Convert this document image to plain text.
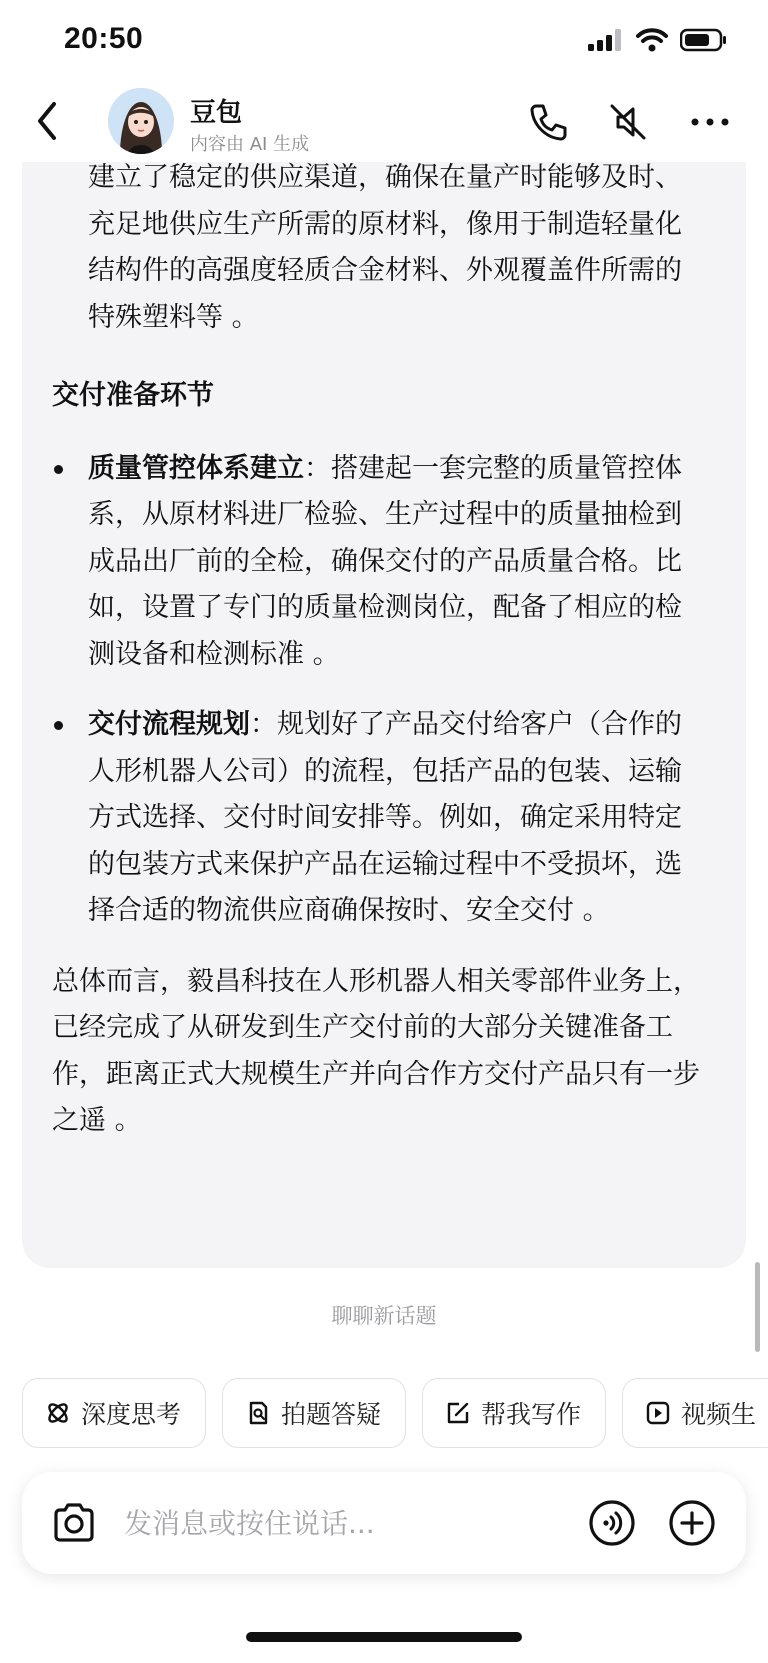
20:50
豆包
内容由 AI 生成
建立了稳定的供应渠道，确保在量产时能够及时、充足地供应生产所需的原材料，像用于制造轻量化结构件的高强度轻质合金材料、外观覆盖件所需的特殊塑料等 。
交付准备环节
质量管控体系建立：搭建起一套完整的质量管控体系，从原材料进厂检验、生产过程中的质量抽检到成品出厂前的全检，确保交付的产品质量合格。比如，设置了专门的质量检测岗位，配备了相应的检测设备和检测标准 。
交付流程规划：规划好了产品交付给客户（合作的人形机器人公司）的流程，包括产品的包装、运输方式选择、交付时间安排等。例如，确定采用特定的包装方式来保护产品在运输过程中不受损坏，选择合适的物流供应商确保按时、安全交付 。
总体而言，毅昌科技在人形机器人相关零部件业务上，已经完成了从研发到生产交付前的大部分关键准备工作，距离正式大规模生产并向合作方交付产品只有一步之遥 。
聊聊新话题
深度思考	拍题答疑	帮我写作	视频生
发消息或按住说话...
